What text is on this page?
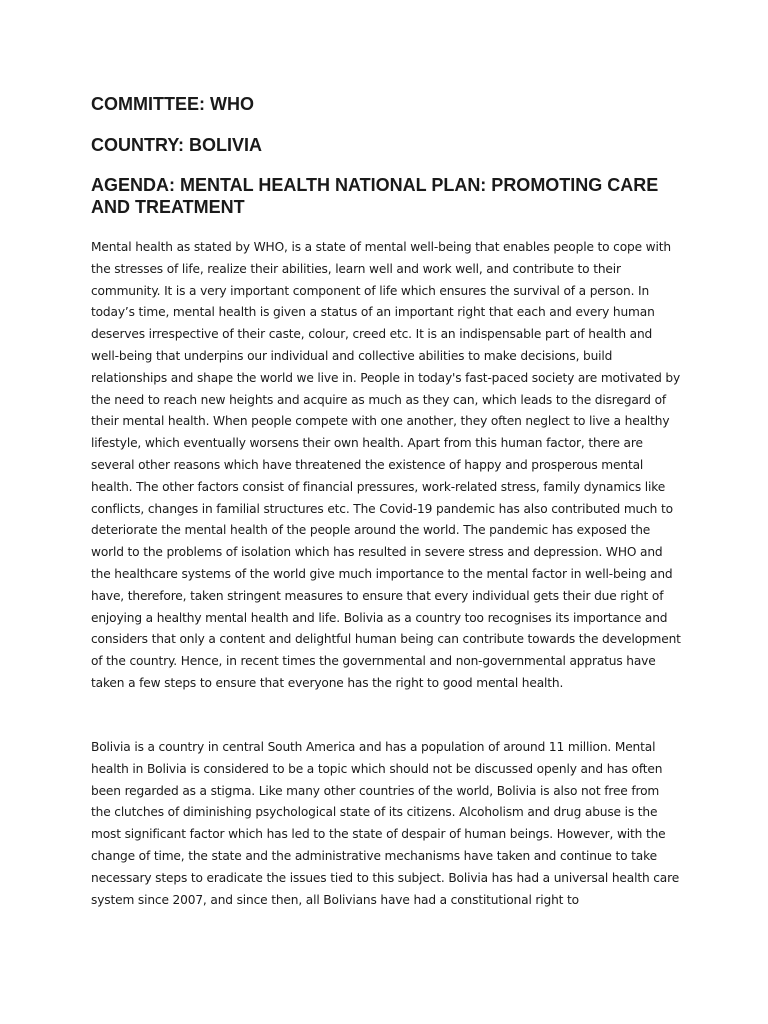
COMMITTEE: WHO
COUNTRY: BOLIVIA
AGENDA: MENTAL HEALTH NATIONAL PLAN: PROMOTING CARE AND TREATMENT

Mental health as stated by WHO, is a state of mental well-being that enables people to cope with the stresses of life, realize their abilities, learn well and work well, and contribute to their community. It is a very important component of life which ensures the survival of a person. In today’s time, mental health is given a status of an important right that each and every human deserves irrespective of their caste, colour, creed etc. It is an indispensable part of health and well-being that underpins our individual and collective abilities to make decisions, build relationships and shape the world we live in. People in today's fast-paced society are motivated by the need to reach new heights and acquire as much as they can, which leads to the disregard of their mental health. When people compete with one another, they often neglect to live a healthy lifestyle, which eventually worsens their own health. Apart from this human factor, there are several other reasons which have threatened the existence of happy and prosperous mental health. The other factors consist of financial pressures, work-related stress, family dynamics like conflicts, changes in familial structures etc. The Covid-19 pandemic has also contributed much to deteriorate the mental health of the people around the world. The pandemic has exposed the world to the problems of isolation which has resulted in severe stress and depression. WHO and the healthcare systems of the world give much importance to the mental factor in well-being and have, therefore, taken stringent measures to ensure that every individual gets their due right of enjoying a healthy mental health and life. Bolivia as a country too recognises its importance and considers that only a content and delightful human being can contribute towards the development of the country. Hence, in recent times the governmental and non-governmental appratus have taken a few steps to ensure that everyone has the right to good mental health.

Bolivia is a country in central South America and has a population of around 11 million. Mental health in Bolivia is considered to be a topic which should not be discussed openly and has often been regarded as a stigma. Like many other countries of the world, Bolivia is also not free from the clutches of diminishing psychological state of its citizens. Alcoholism and drug abuse is the most significant factor which has led to the state of despair of human beings. However, with the change of time, the state and the administrative mechanisms have taken and continue to take necessary steps to eradicate the issues tied to this subject. Bolivia has had a universal health care system since 2007, and since then, all Bolivians have had a constitutional right to
